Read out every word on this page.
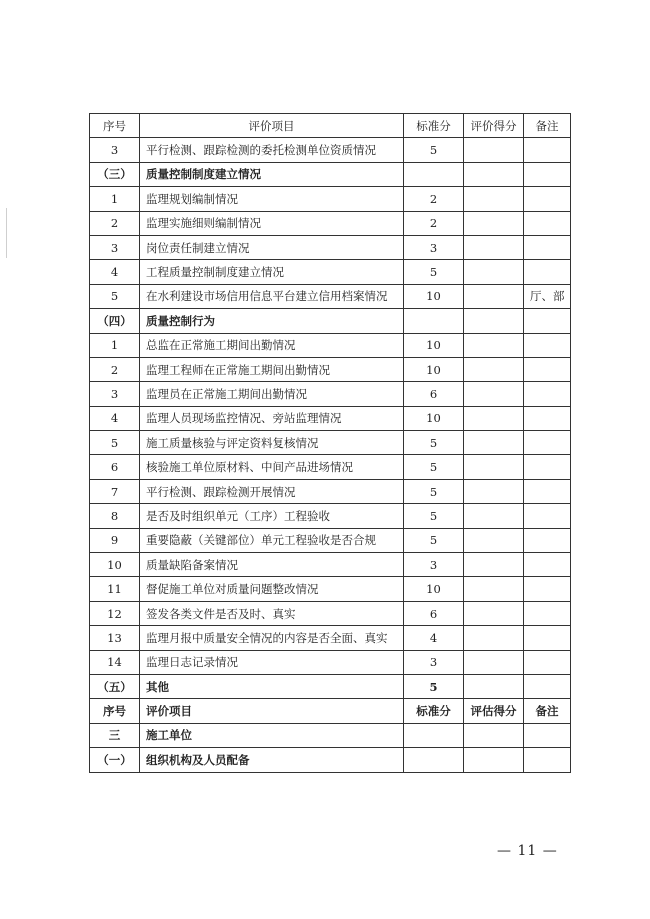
序号	评价项目	标准分	评价得分	备注
3	平行检测、跟踪检测的委托检测单位资质情况	5		
（三）	质量控制制度建立情况			
1	监理规划编制情况	2		
2	监理实施细则编制情况	2		
3	岗位责任制建立情况	3		
4	工程质量控制制度建立情况	5		
5	在水利建设市场信用信息平台建立信用档案情况	10		厅、部
（四）	质量控制行为			
1	总监在正常施工期间出勤情况	10		
2	监理工程师在正常施工期间出勤情况	10		
3	监理员在正常施工期间出勤情况	6		
4	监理人员现场监控情况、旁站监理情况	10		
5	施工质量核验与评定资料复核情况	5		
6	核验施工单位原材料、中间产品进场情况	5		
7	平行检测、跟踪检测开展情况	5		
8	是否及时组织单元（工序）工程验收	5		
9	重要隐蔽（关键部位）单元工程验收是否合规	5		
10	质量缺陷备案情况	3		
11	督促施工单位对质量问题整改情况	10		
12	签发各类文件是否及时、真实	6		
13	监理月报中质量安全情况的内容是否全面、真实	4		
14	监理日志记录情况	3		
（五）	其他	5		
序号	评价项目	标准分	评估得分	备注
三	施工单位			
（一）	组织机构及人员配备			
— 11 —
